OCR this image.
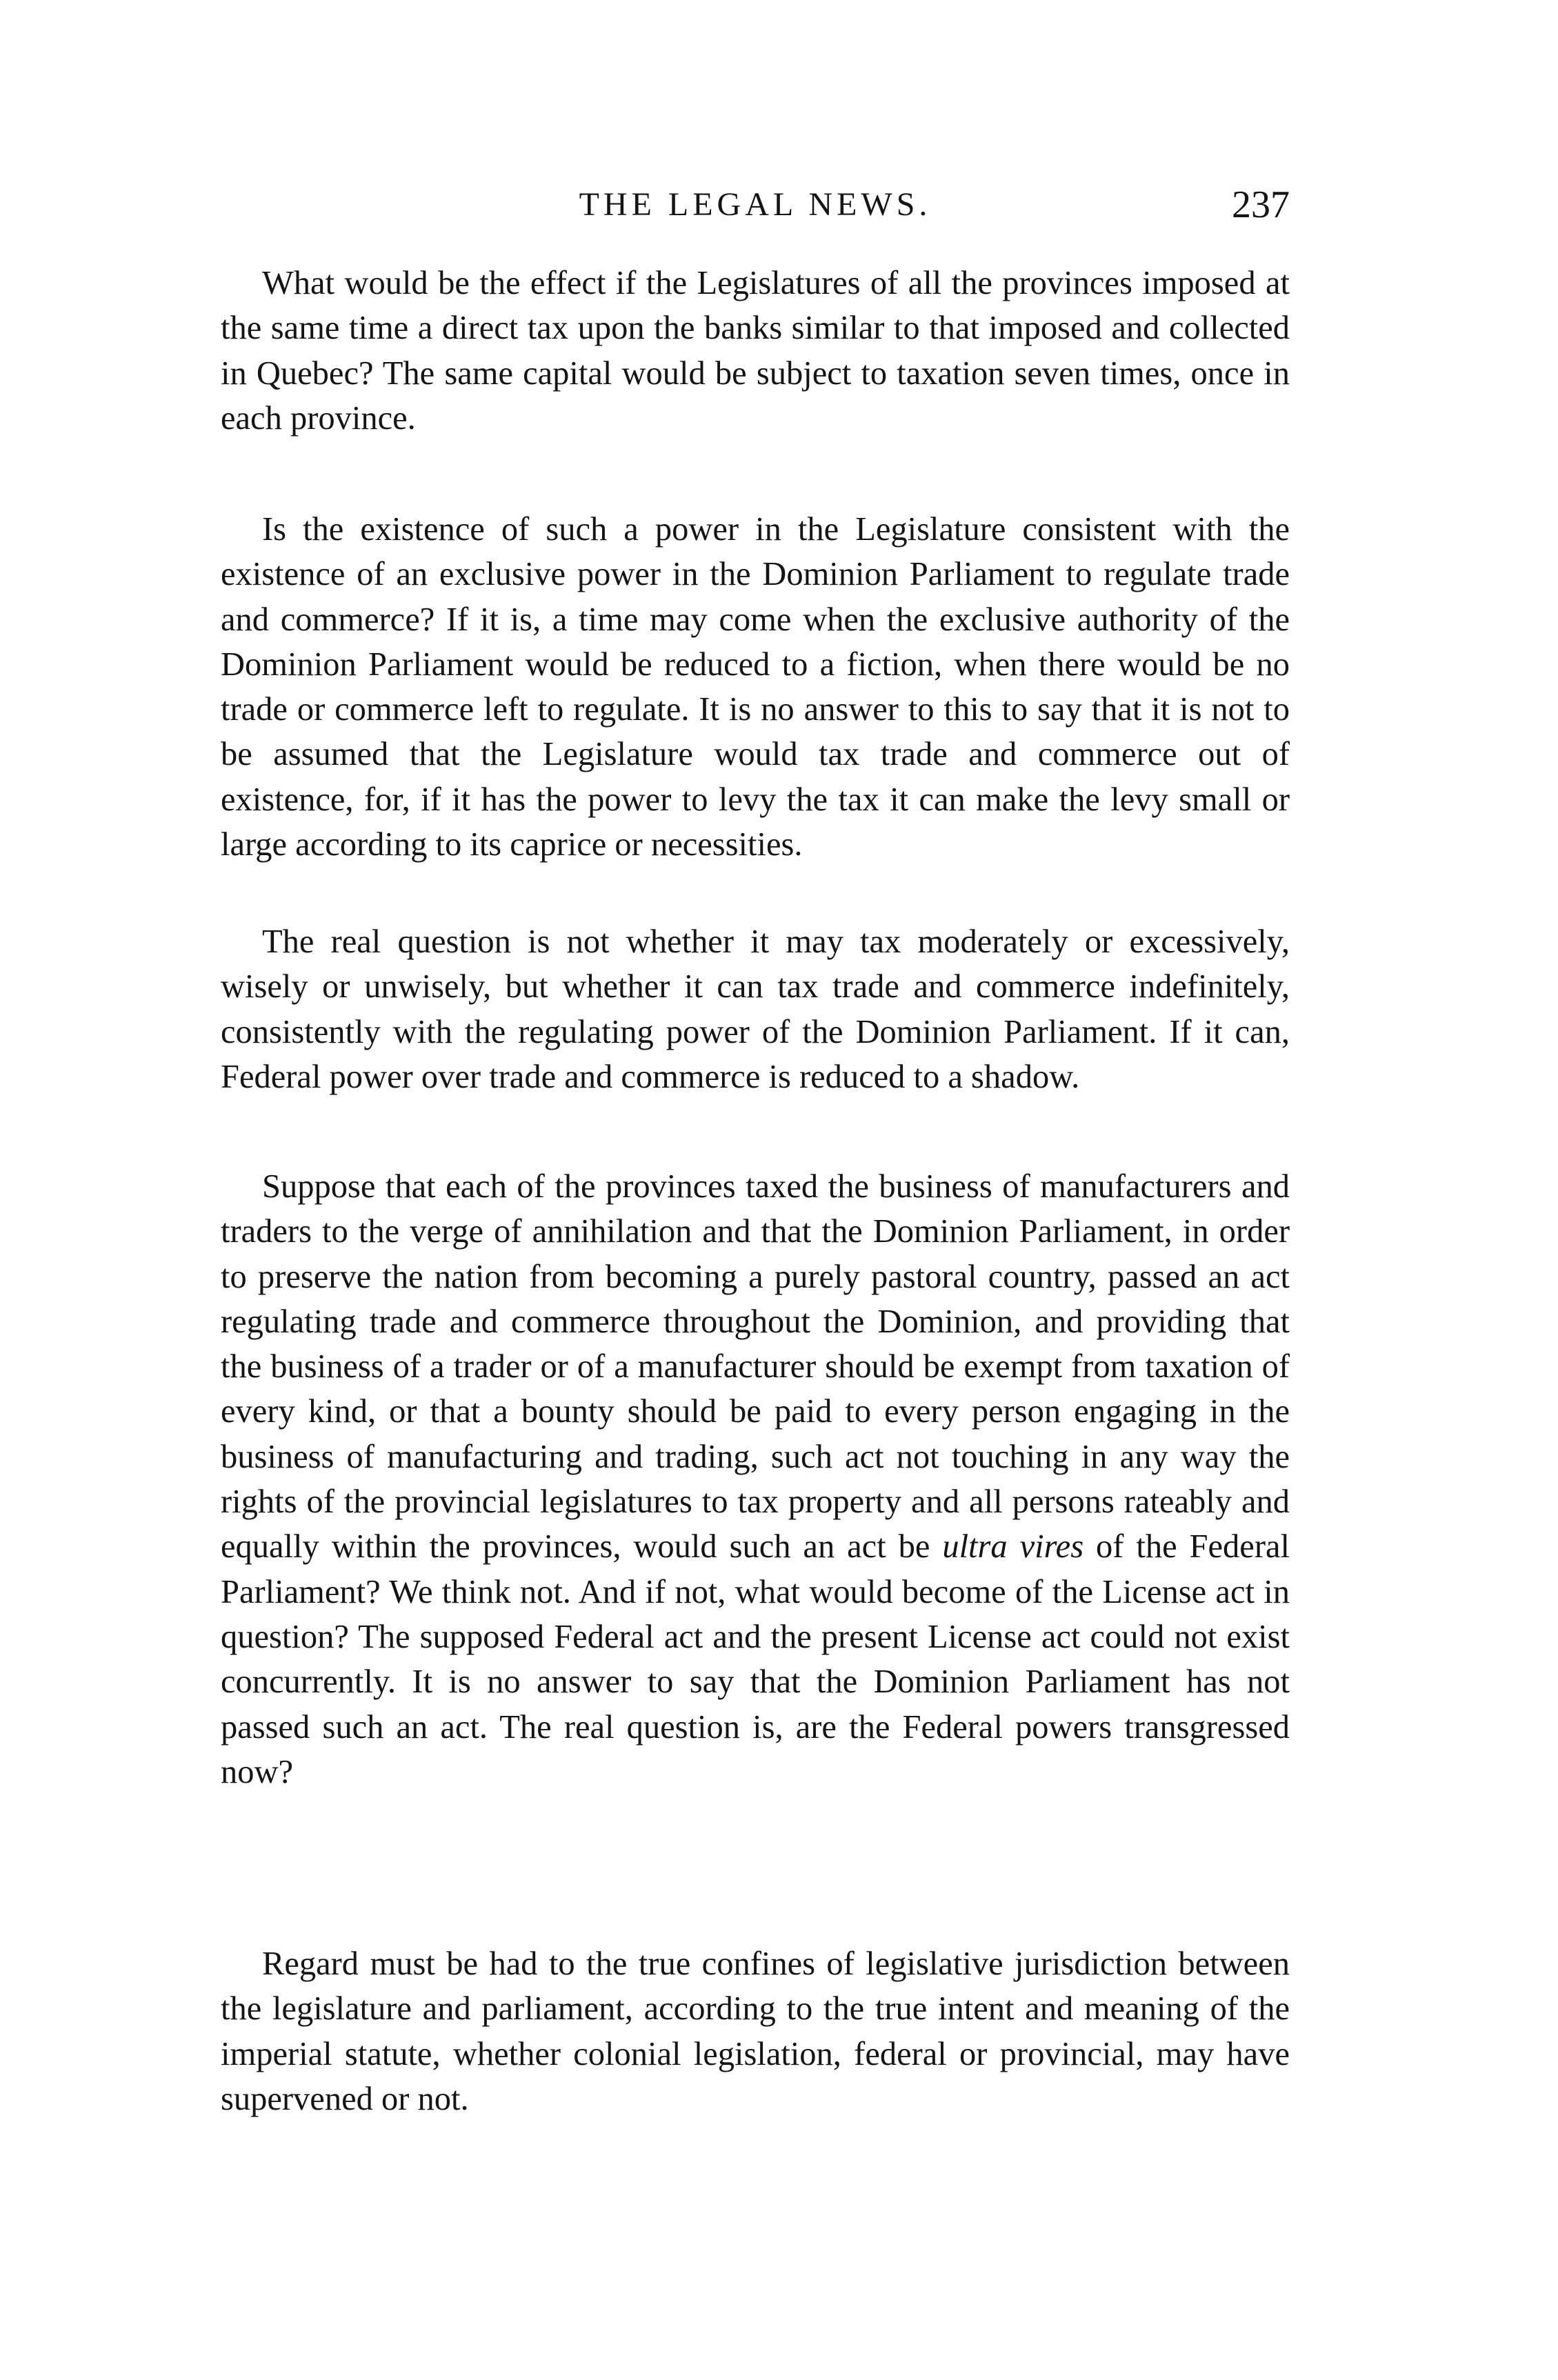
THE LEGAL NEWS.	237

What would be the effect if the Legislatures of all the provinces imposed at the same time a direct tax upon the banks similar to that imposed and collected in Quebec? The same capital would be subject to taxation seven times, once in each province.

Is the existence of such a power in the Legislature consistent with the existence of an exclusive power in the Dominion Parliament to regulate trade and commerce? If it is, a time may come when the exclusive authority of the Dominion Parliament would be reduced to a fiction, when there would be no trade or commerce left to regulate. It is no answer to this to say that it is not to be assumed that the Legislature would tax trade and commerce out of existence, for, if it has the power to levy the tax it can make the levy small or large according to its caprice or necessities.

The real question is not whether it may tax moderately or excessively, wisely or unwisely, but whether it can tax trade and commerce indefinitely, consistently with the regulating power of the Dominion Parliament. If it can, Federal power over trade and commerce is reduced to a shadow.

Suppose that each of the provinces taxed the business of manufacturers and traders to the verge of annihilation and that the Dominion Parliament, in order to preserve the nation from becoming a purely pastoral country, passed an act regulating trade and commerce throughout the Dominion, and providing that the business of a trader or of a manufacturer should be exempt from taxation of every kind, or that a bounty should be paid to every person engaging in the business of manufacturing and trading, such act not touching in any way the rights of the provincial legislatures to tax property and all persons rateably and equally within the provinces, would such an act be ultra vires of the Federal Parliament? We think not. And if not, what would become of the License act in question? The supposed Federal act and the present License act could not exist concurrently. It is no answer to say that the Dominion Parliament has not passed such an act. The real question is, are the Federal powers transgressed now?

Regard must be had to the true confines of legislative jurisdiction between the legislature and parliament, according to the true intent and meaning of the imperial statute, whether colonial legislation, federal or provincial, may have supervened or not.
